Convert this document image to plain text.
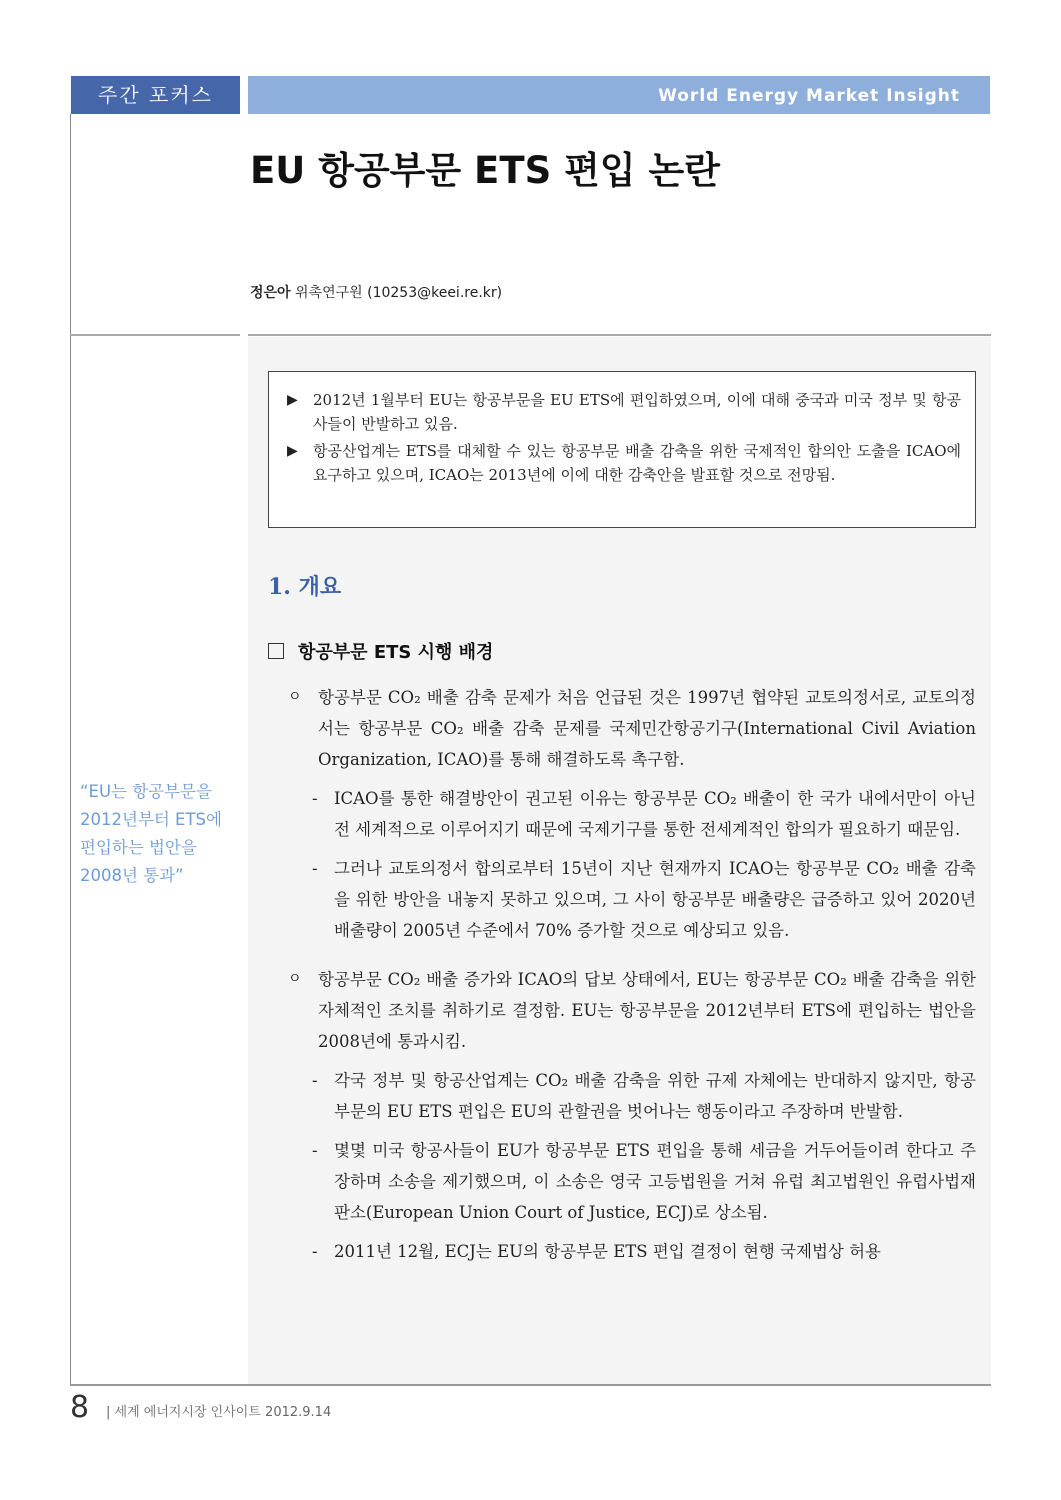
주간 포커스	World Energy Market Insight
EU 항공부문 ETS 편입 논란
정은아 위촉연구원 (10253@keei.re.kr)
▶	2012년 1월부터 EU는 항공부문을 EU ETS에 편입하였으며, 이에 대해 중국과 미국 정부 및 항공사들이 반발하고 있음.
▶	항공산업계는 ETS를 대체할 수 있는 항공부문 배출 감축을 위한 국제적인 합의안 도출을 ICAO에 요구하고 있으며, ICAO는 2013년에 이에 대한 감축안을 발표할 것으로 전망됨.
1. 개요
항공부문 ETS 시행 배경
ㅇ 항공부문 CO₂ 배출 감축 문제가 처음 언급된 것은 1997년 협약된 교토의정서로, 교토의정서는 항공부문 CO₂ 배출 감축 문제를 국제민간항공기구(International Civil Aviation Organization, ICAO)를 통해 해결하도록 촉구함.
- ICAO를 통한 해결방안이 권고된 이유는 항공부문 CO₂ 배출이 한 국가 내에서만이 아닌 전 세계적으로 이루어지기 때문에 국제기구를 통한 전세계적인 합의가 필요하기 때문임.
- 그러나 교토의정서 합의로부터 15년이 지난 현재까지 ICAO는 항공부문 CO₂ 배출 감축을 위한 방안을 내놓지 못하고 있으며, 그 사이 항공부문 배출량은 급증하고 있어 2020년 배출량이 2005년 수준에서 70% 증가할 것으로 예상되고 있음.
ㅇ 항공부문 CO₂ 배출 증가와 ICAO의 답보 상태에서, EU는 항공부문 CO₂ 배출 감축을 위한 자체적인 조치를 취하기로 결정함. EU는 항공부문을 2012년부터 ETS에 편입하는 법안을 2008년에 통과시킴.
- 각국 정부 및 항공산업계는 CO₂ 배출 감축을 위한 규제 자체에는 반대하지 않지만, 항공부문의 EU ETS 편입은 EU의 관할권을 벗어나는 행동이라고 주장하며 반발함.
- 몇몇 미국 항공사들이 EU가 항공부문 ETS 편입을 통해 세금을 거두어들이려 한다고 주장하며 소송을 제기했으며, 이 소송은 영국 고등법원을 거쳐 유럽 최고법원인 유럽사법재판소(European Union Court of Justice, ECJ)로 상소됨.
- 2011년 12월, ECJ는 EU의 항공부문 ETS 편입 결정이 현행 국제법상 허용
“EU는 항공부문을 2012년부터 ETS에 편입하는 법안을 2008년 통과”
8 | 세계 에너지시장 인사이트 2012.9.14
